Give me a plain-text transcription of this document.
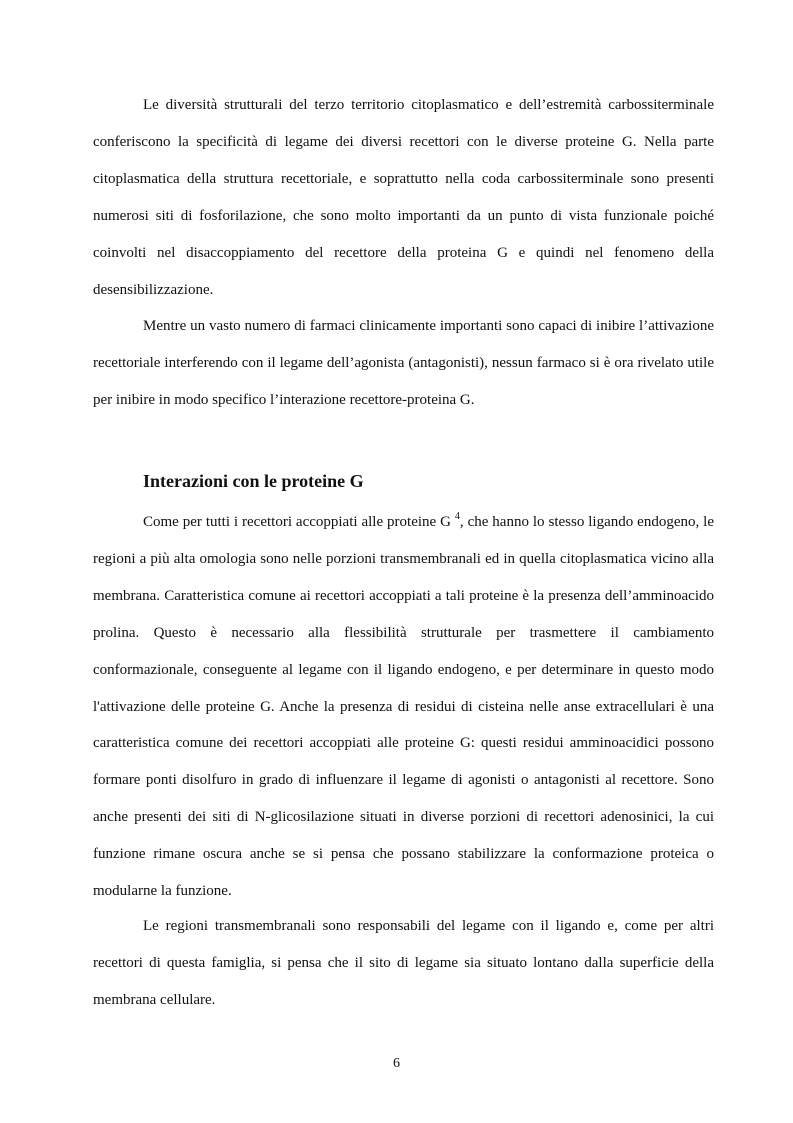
Le diversità strutturali del terzo territorio citoplasmatico e dell’estremità carbossiterminale conferiscono la specificità di legame dei diversi recettori con le diverse proteine G. Nella parte citoplasmatica della struttura recettoriale, e soprattutto nella coda carbossiterminale sono presenti numerosi siti di fosforilazione, che sono molto importanti da un punto di vista funzionale poiché coinvolti nel disaccoppiamento del recettore della proteina G e quindi nel fenomeno della desensibilizzazione.

Mentre un vasto numero di farmaci clinicamente importanti sono capaci di inibire l’attivazione recettoriale interferendo con il legame dell’agonista (antagonisti), nessun farmaco si è ora rivelato utile per inibire in modo specifico l’interazione recettore-proteina G.

Interazioni con le proteine G

Come per tutti i recettori accoppiati alle proteine G $^4$, che hanno lo stesso ligando endogeno, le regioni a più alta omologia sono nelle porzioni transmembranali ed in quella citoplasmatica vicino alla membrana. Caratteristica comune ai recettori accoppiati a tali proteine è la presenza dell’amminoacido prolina. Questo è necessario alla flessibilità strutturale per trasmettere il cambiamento conformazionale, conseguente al legame con il ligando endogeno, e per determinare in questo modo l'attivazione delle proteine G. Anche la presenza di residui di cisteina nelle anse extracellulari è una caratteristica comune dei recettori accoppiati alle proteine G: questi residui amminoacidici possono formare ponti disolfuro in grado di influenzare il legame di agonisti o antagonisti al recettore. Sono anche presenti dei siti di N-glicosilazione situati in diverse porzioni di recettori adenosinici, la cui funzione rimane oscura anche se si pensa che possano stabilizzare la conformazione proteica o modularne la funzione.

Le regioni transmembranali sono responsabili del legame con il ligando e, come per altri recettori di questa famiglia, si pensa che il sito di legame sia situato lontano dalla superficie della membrana cellulare.

6
